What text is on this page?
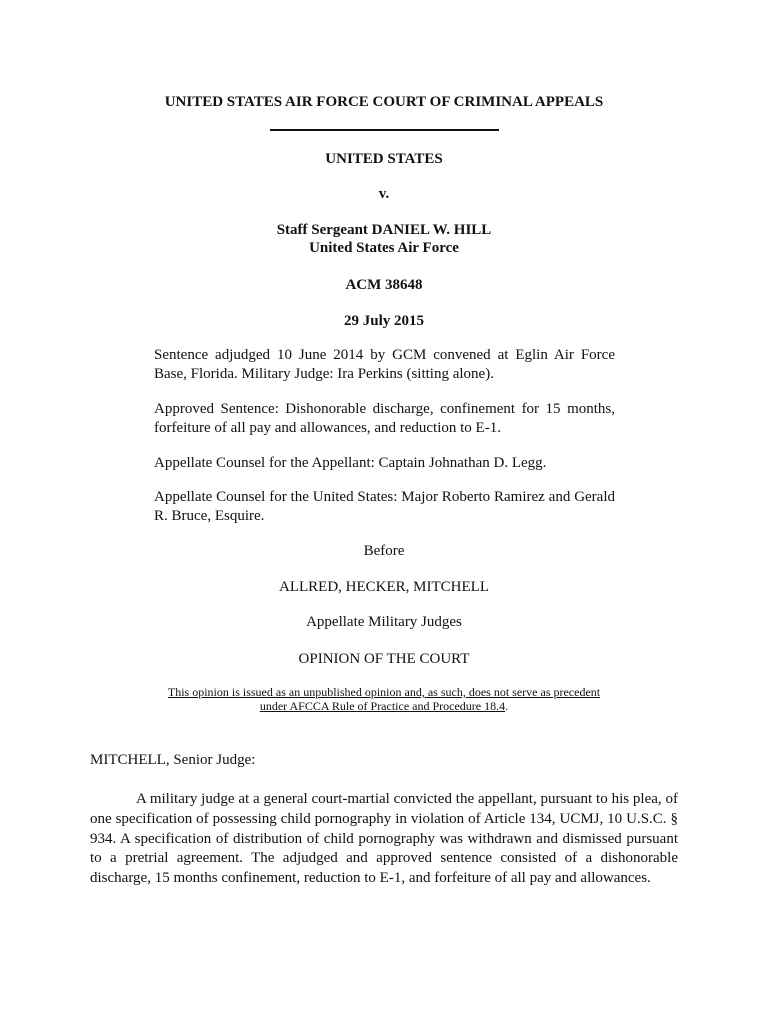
UNITED STATES AIR FORCE COURT OF CRIMINAL APPEALS
UNITED STATES
v.
Staff Sergeant DANIEL W. HILL
United States Air Force
ACM 38648
29 July 2015
Sentence adjudged 10 June 2014 by GCM convened at Eglin Air Force Base, Florida. Military Judge: Ira Perkins (sitting alone).
Approved Sentence: Dishonorable discharge, confinement for 15 months, forfeiture of all pay and allowances, and reduction to E-1.
Appellate Counsel for the Appellant: Captain Johnathan D. Legg.
Appellate Counsel for the United States: Major Roberto Ramirez and Gerald R. Bruce, Esquire.
Before
ALLRED, HECKER, MITCHELL
Appellate Military Judges
OPINION OF THE COURT
This opinion is issued as an unpublished opinion and, as such, does not serve as precedent
under AFCCA Rule of Practice and Procedure 18.4.
MITCHELL, Senior Judge:
A military judge at a general court-martial convicted the appellant, pursuant to his plea, of one specification of possessing child pornography in violation of Article 134, UCMJ, 10 U.S.C. § 934. A specification of distribution of child pornography was withdrawn and dismissed pursuant to a pretrial agreement. The adjudged and approved sentence consisted of a dishonorable discharge, 15 months confinement, reduction to E-1, and forfeiture of all pay and allowances.
